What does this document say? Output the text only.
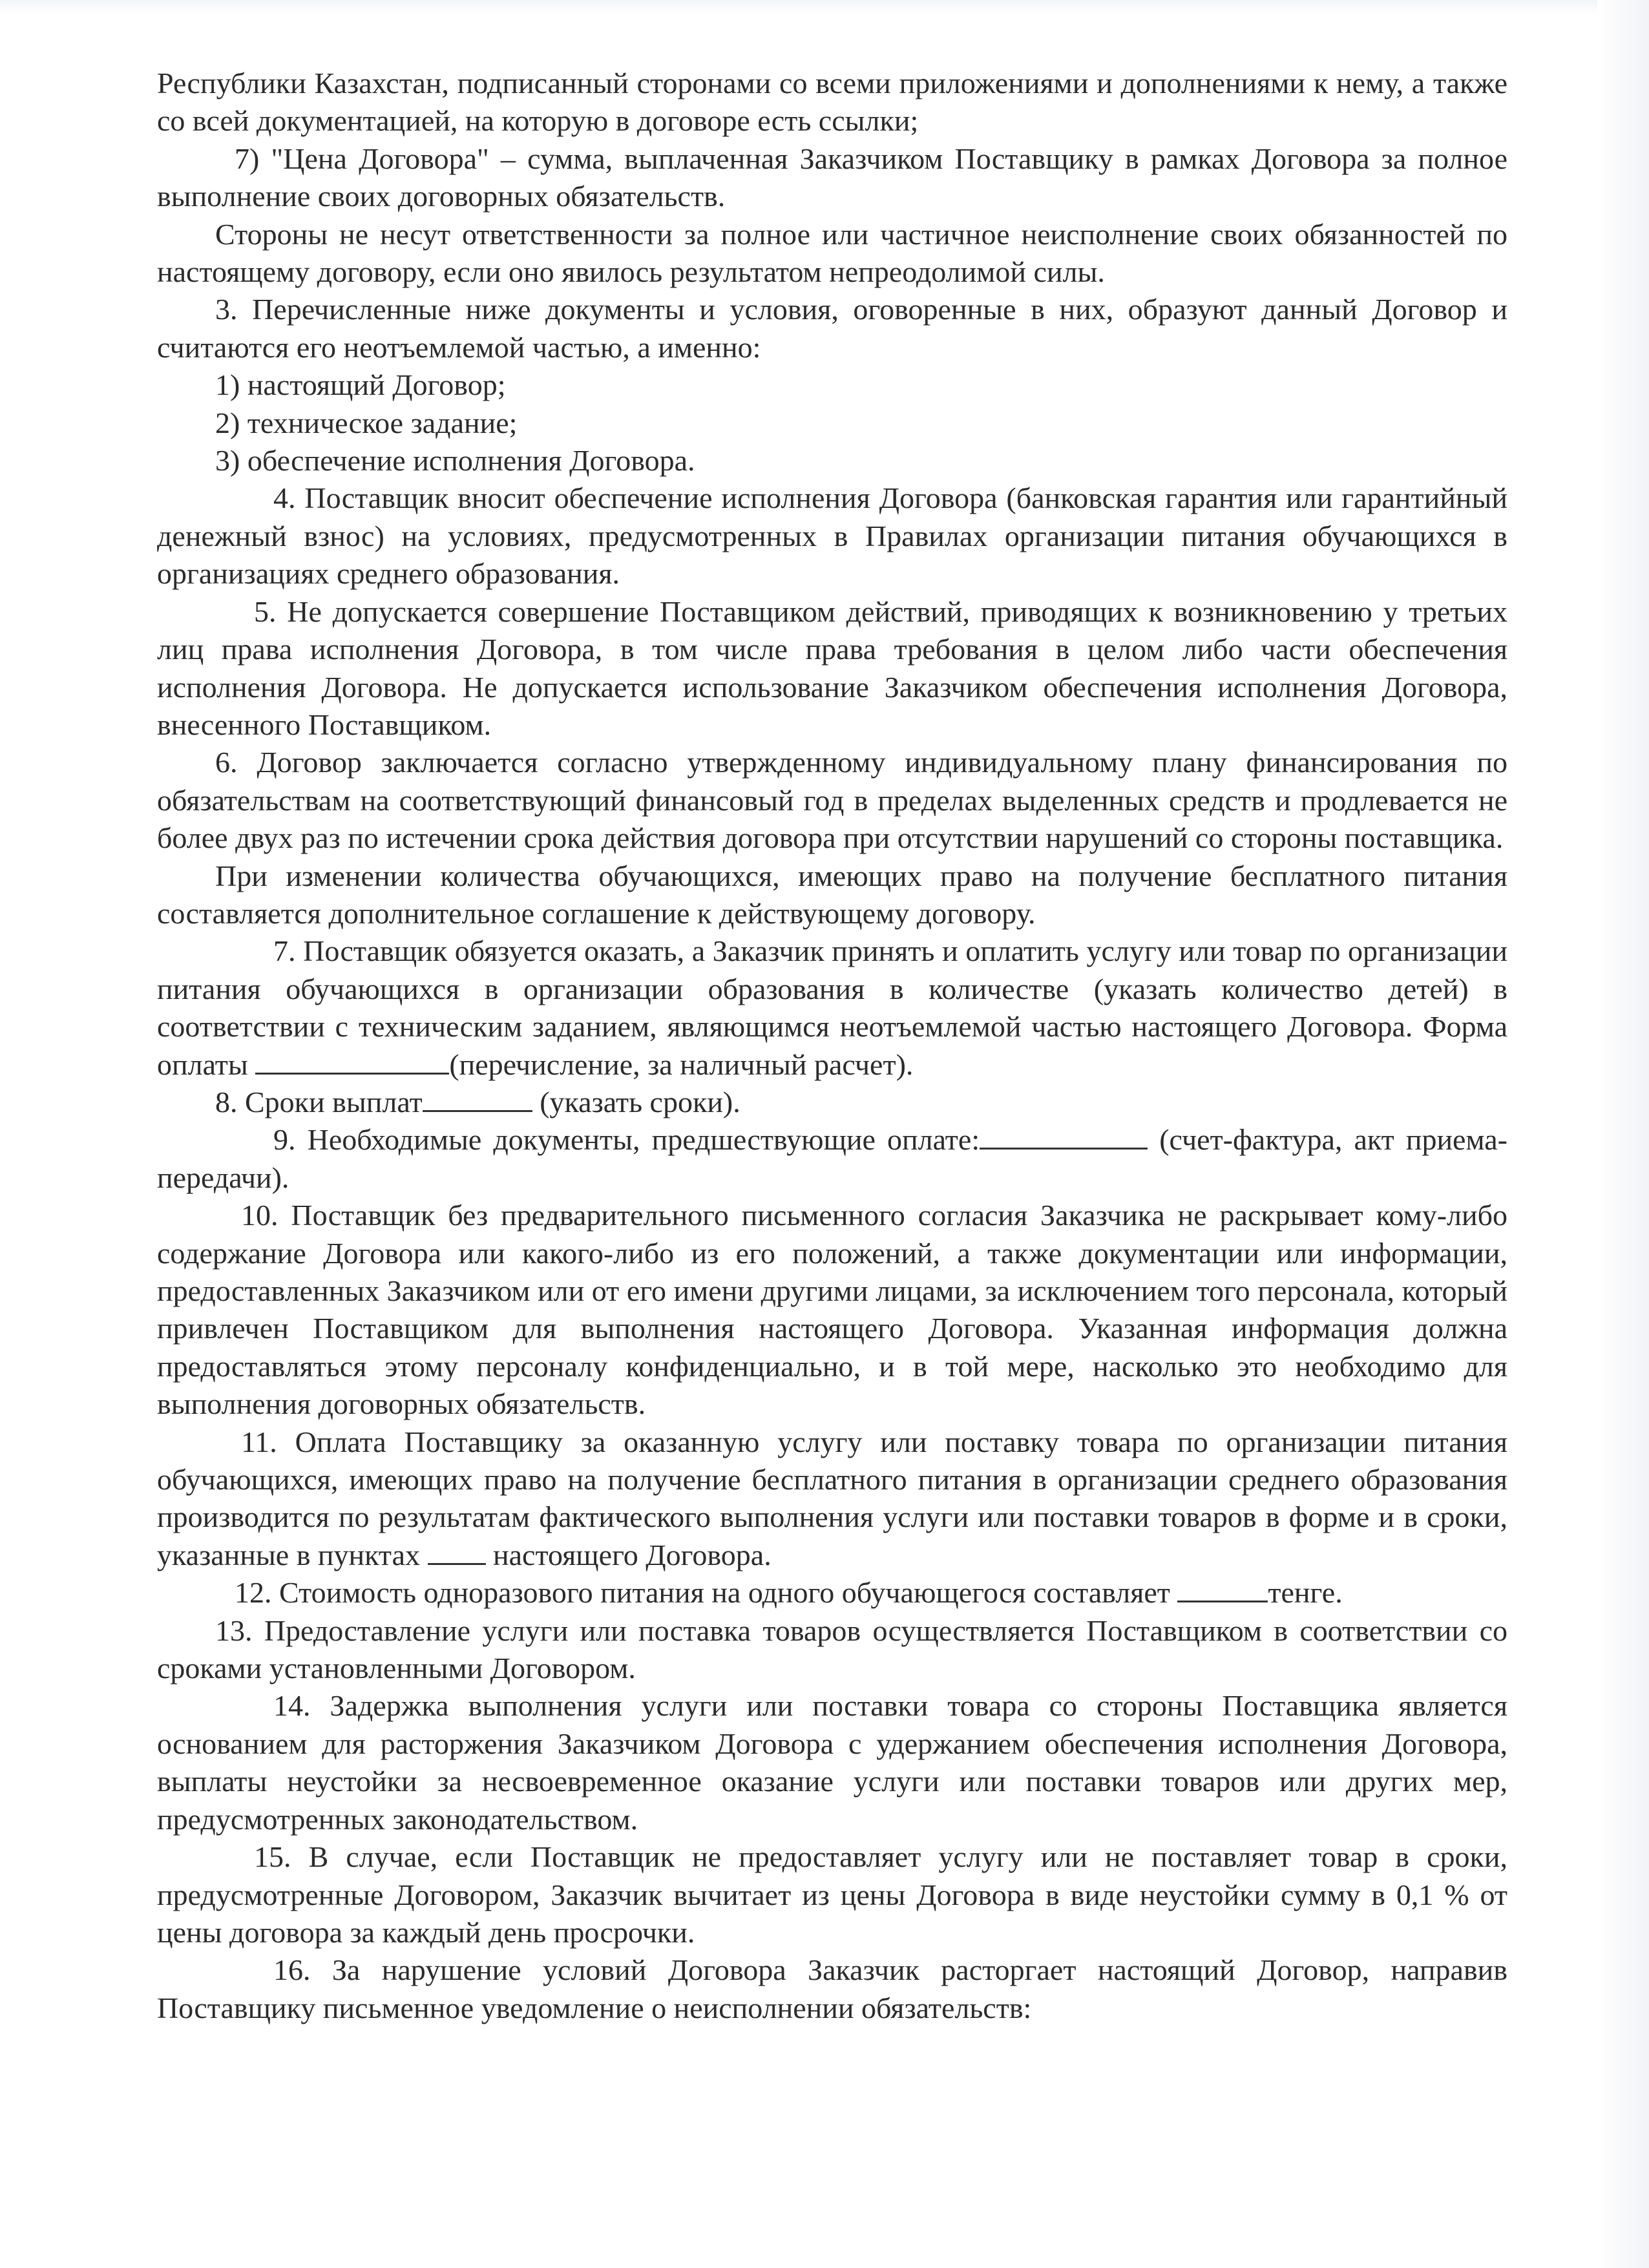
Республики Казахстан, подписанный сторонами со всеми приложениями и дополнениями к нему, а также со всей документацией, на которую в договоре есть ссылки;

7) "Цена Договора" – сумма, выплаченная Заказчиком Поставщику в рамках Договора за полное выполнение своих договорных обязательств.

Стороны не несут ответственности за полное или частичное неисполнение своих обязанностей по настоящему договору, если оно явилось результатом непреодолимой силы.

3. Перечисленные ниже документы и условия, оговоренные в них, образуют данный Договор и считаются его неотъемлемой частью, а именно:

1) настоящий Договор;

2) техническое задание;

3) обеспечение исполнения Договора.

4. Поставщик вносит обеспечение исполнения Договора (банковская гарантия или гарантийный денежный взнос) на условиях, предусмотренных в Правилах организации питания обучающихся в организациях среднего образования.

5. Не допускается совершение Поставщиком действий, приводящих к возникновению у третьих лиц права исполнения Договора, в том числе права требования в целом либо части обеспечения исполнения Договора. Не допускается использование Заказчиком обеспечения исполнения Договора, внесенного Поставщиком.

6. Договор заключается согласно утвержденному индивидуальному плану финансирования по обязательствам на соответствующий финансовый год в пределах выделенных средств и продлевается не более двух раз по истечении срока действия договора при отсутствии нарушений со стороны поставщика.

При изменении количества обучающихся, имеющих право на получение бесплатного питания составляется дополнительное соглашение к действующему договору.

7. Поставщик обязуется оказать, а Заказчик принять и оплатить услугу или товар по организации питания обучающихся в организации образования в количестве (указать количество детей) в соответствии с техническим заданием, являющимся неотъемлемой частью настоящего Договора. Форма оплаты	(перечисление, за наличный расчет).

8. Сроки выплат	(указать сроки).

9. Необходимые документы, предшествующие оплате:	(счет-фактура, акт приема-передачи).

10. Поставщик без предварительного письменного согласия Заказчика не раскрывает кому-либо содержание Договора или какого-либо из его положений, а также документации или информации, предоставленных Заказчиком или от его имени другими лицами, за исключением того персонала, который привлечен Поставщиком для выполнения настоящего Договора. Указанная информация должна предоставляться этому персоналу конфиденциально, и в той мере, насколько это необходимо для выполнения договорных обязательств.

11. Оплата Поставщику за оказанную услугу или поставку товара по организации питания обучающихся, имеющих право на получение бесплатного питания в организации среднего образования производится по результатам фактического выполнения услуги или поставки товаров в форме и в сроки, указанные в пунктах  настоящего Договора.

12. Стоимость одноразового питания на одного обучающегося составляет	тенге.

13. Предоставление услуги или поставка товаров осуществляется Поставщиком в соответствии со сроками установленными Договором.

14. Задержка выполнения услуги или поставки товара со стороны Поставщика является основанием для расторжения Заказчиком Договора с удержанием обеспечения исполнения Договора, выплаты неустойки за несвоевременное оказание услуги или поставки товаров или других мер, предусмотренных законодательством.

15. В случае, если Поставщик не предоставляет услугу или не поставляет товар в сроки, предусмотренные Договором, Заказчик вычитает из цены Договора в виде неустойки сумму в 0,1 % от цены договора за каждый день просрочки.

16. За нарушение условий Договора Заказчик расторгает настоящий Договор, направив Поставщику письменное уведомление о неисполнении обязательств:
